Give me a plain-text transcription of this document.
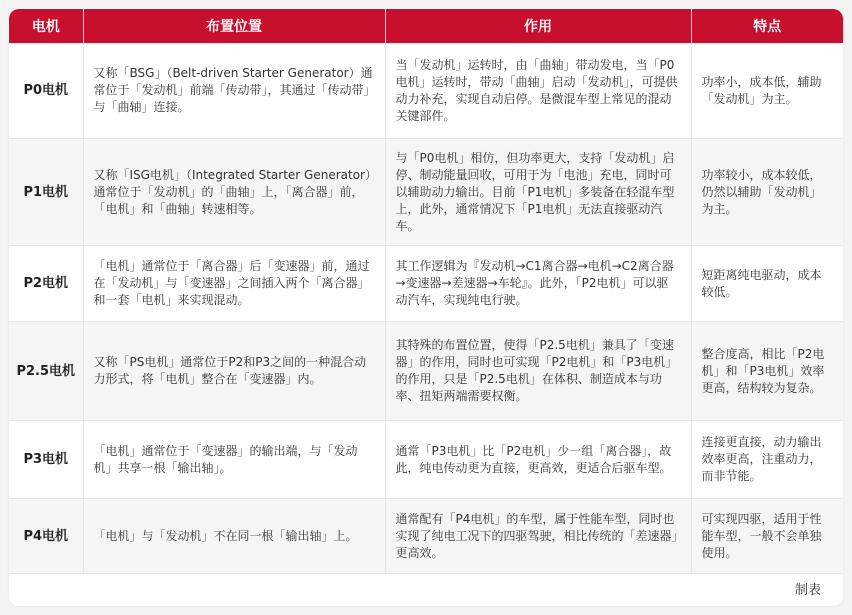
电机	布置位置	作用	特点
P0电机	又称「BSG」（Belt-driven Starter Generator）通常位于「发动机」前端「传动带」，其通过「传动带」与「曲轴」连接。	当「发动机」运转时，由「曲轴」带动发电，当「P0电机」运转时，带动「曲轴」启动「发动机」，可提供动力补充，实现自动启停。是微混车型上常见的混动关键部件。	功率小，成本低，辅助「发动机」为主。
P1电机	又称「ISG电机」（Integrated Starter Generator）通常位于「发动机」的「曲轴」上，「离合器」前，「电机」和「曲轴」转速相等。	与「P0电机」相仿，但功率更大，支持「发动机」启停、制动能量回收，可用于为「电池」充电，同时可以辅助动力输出。目前「P1电机」多装备在轻混车型上，此外，通常情况下「P1电机」无法直接驱动汽车。	功率较小，成本较低，仍然以辅助「发动机」为主。
P2电机	「电机」通常位于「离合器」后「变速器」前，通过在「发动机」与「变速器」之间插入两个「离合器」和一套「电机」来实现混动。	其工作逻辑为『发动机→C1离合器→电机→C2离合器→变速器→差速器→车轮』。此外，「P2电机」可以驱动汽车，实现纯电行驶。	短距离纯电驱动，成本较低。
P2.5电机	又称「PS电机」通常位于P2和P3之间的一种混合动力形式，将「电机」整合在「变速器」内。	其特殊的布置位置，使得「P2.5电机」兼具了「变速器」的作用，同时也可实现「P2电机」和「P3电机」的作用，只是「P2.5电机」在体积、制造成本与功率、扭矩两端需要权衡。	整合度高，相比「P2电机」和「P3电机」效率更高，结构较为复杂。
P3电机	「电机」通常位于「变速器」的输出端，与「发动机」共享一根「输出轴」。	通常「P3电机」比「P2电机」少一组「离合器」，故此，纯电传动更为直接，更高效，更适合后驱车型。	连接更直接，动力输出效率更高，注重动力，而非节能。
P4电机	「电机」与「发动机」不在同一根「输出轴」上。	通常配有「P4电机」的车型，属于性能车型，同时也实现了纯电工况下的四驱驾驶，相比传统的「差速器」更高效。	可实现四驱，适用于性能车型，一般不会单独使用。
制表
